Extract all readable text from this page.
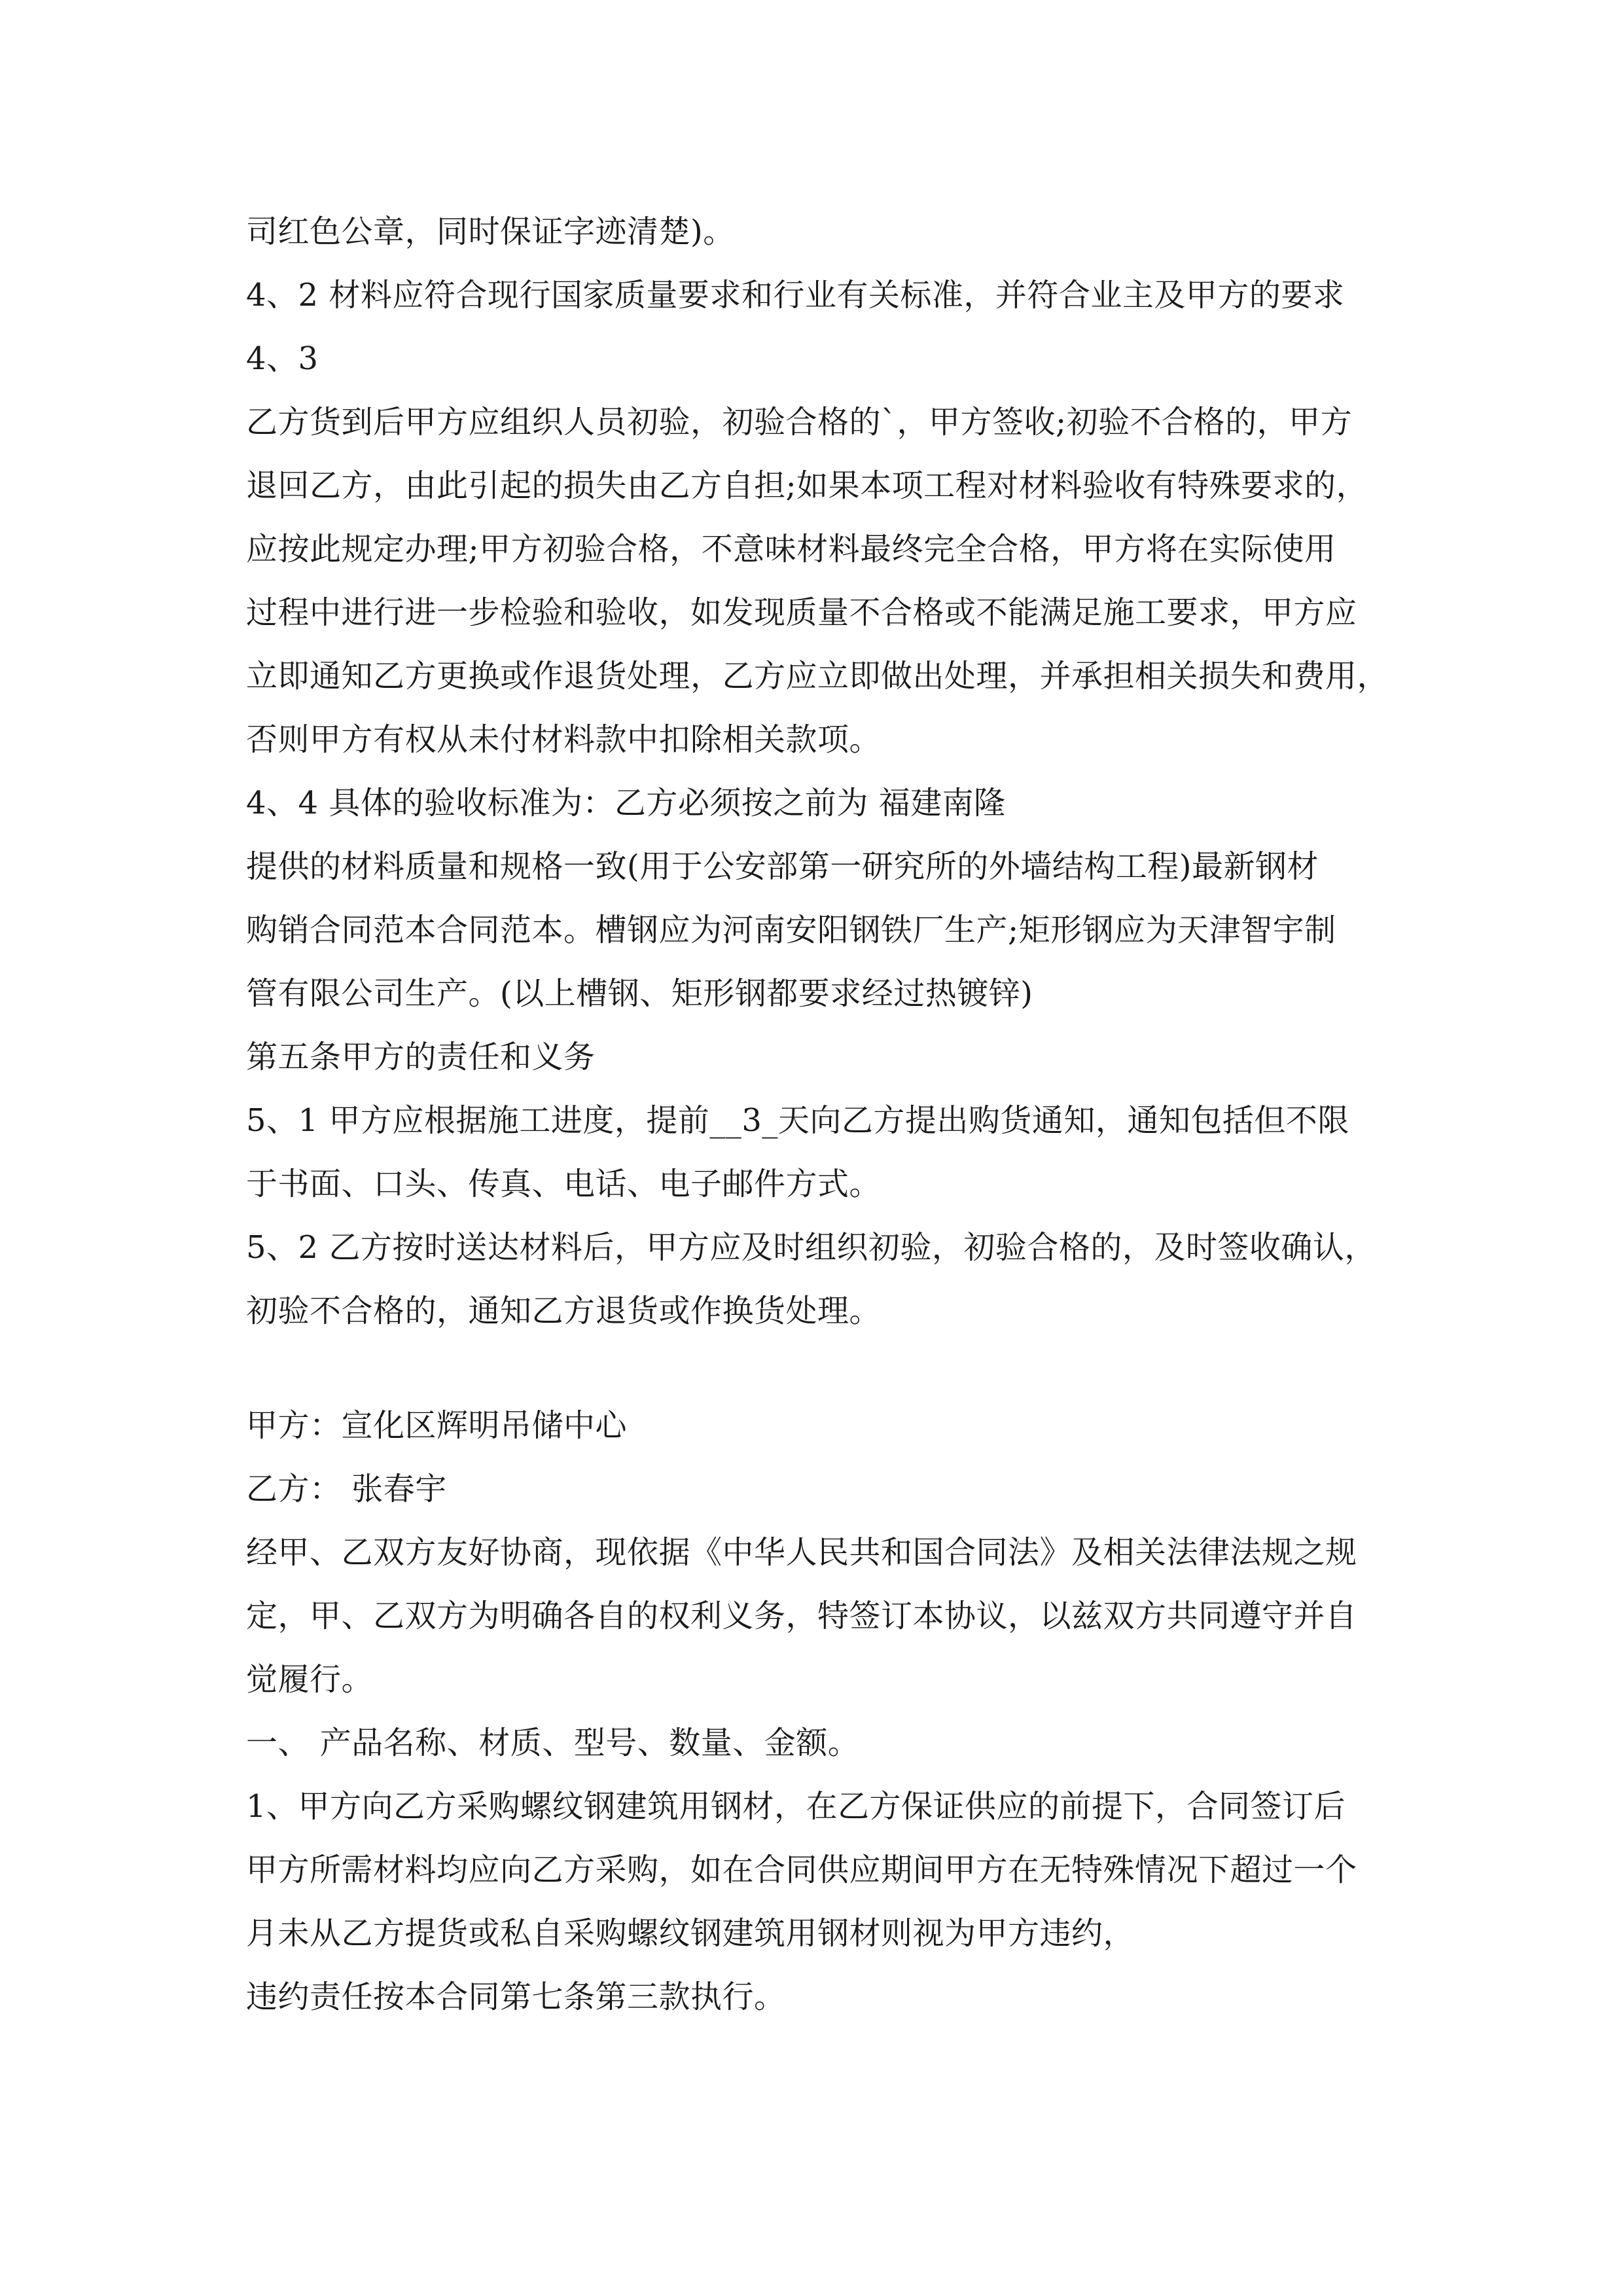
司红色公章，同时保证字迹清楚)。
4、2 材料应符合现行国家质量要求和行业有关标准，并符合业主及甲方的要求
4、3
乙方货到后甲方应组织人员初验，初验合格的`，甲方签收;初验不合格的，甲方
退回乙方，由此引起的损失由乙方自担;如果本项工程对材料验收有特殊要求的，
应按此规定办理;甲方初验合格，不意味材料最终完全合格，甲方将在实际使用
过程中进行进一步检验和验收，如发现质量不合格或不能满足施工要求，甲方应
立即通知乙方更换或作退货处理，乙方应立即做出处理，并承担相关损失和费用，
否则甲方有权从未付材料款中扣除相关款项。
4、4 具体的验收标准为：乙方必须按之前为 福建南隆
提供的材料质量和规格一致(用于公安部第一研究所的外墙结构工程)最新钢材
购销合同范本合同范本。槽钢应为河南安阳钢铁厂生产;矩形钢应为天津智宇制
管有限公司生产。(以上槽钢、矩形钢都要求经过热镀锌)
第五条甲方的责任和义务
5、1 甲方应根据施工进度，提前__3_天向乙方提出购货通知，通知包括但不限
于书面、口头、传真、电话、电子邮件方式。
5、2 乙方按时送达材料后，甲方应及时组织初验，初验合格的，及时签收确认，
初验不合格的，通知乙方退货或作换货处理。
甲方：宣化区辉明吊储中心
乙方： 张春宇
经甲、乙双方友好协商，现依据《中华人民共和国合同法》及相关法律法规之规
定，甲、乙双方为明确各自的权利义务，特签订本协议，以兹双方共同遵守并自
觉履行。
一、 产品名称、材质、型号、数量、金额。
1、甲方向乙方采购螺纹钢建筑用钢材，在乙方保证供应的前提下，合同签订后
甲方所需材料均应向乙方采购，如在合同供应期间甲方在无特殊情况下超过一个
月未从乙方提货或私自采购螺纹钢建筑用钢材则视为甲方违约，
违约责任按本合同第七条第三款执行。
